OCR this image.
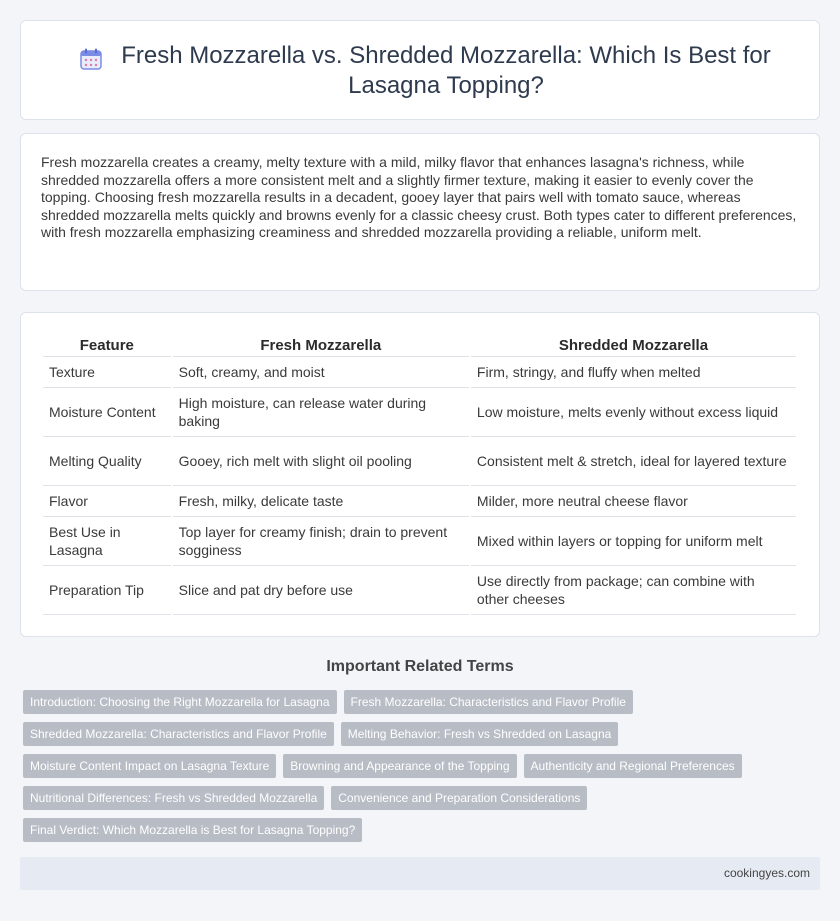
Fresh Mozzarella vs. Shredded Mozzarella: Which Is Best for Lasagna Topping?

Fresh mozzarella creates a creamy, melty texture with a mild, milky flavor that enhances lasagna's richness, while shredded mozzarella offers a more consistent melt and a slightly firmer texture, making it easier to evenly cover the topping. Choosing fresh mozzarella results in a decadent, gooey layer that pairs well with tomato sauce, whereas shredded mozzarella melts quickly and browns evenly for a classic cheesy crust. Both types cater to different preferences, with fresh mozzarella emphasizing creaminess and shredded mozzarella providing a reliable, uniform melt.

Feature	Fresh Mozzarella	Shredded Mozzarella
Texture	Soft, creamy, and moist	Firm, stringy, and fluffy when melted
Moisture Content	High moisture, can release water during baking	Low moisture, melts evenly without excess liquid
Melting Quality	Gooey, rich melt with slight oil pooling	Consistent melt & stretch, ideal for layered texture
Flavor	Fresh, milky, delicate taste	Milder, more neutral cheese flavor
Best Use in Lasagna	Top layer for creamy finish; drain to prevent sogginess	Mixed within layers or topping for uniform melt
Preparation Tip	Slice and pat dry before use	Use directly from package; can combine with other cheeses
Important Related Terms
Introduction: Choosing the Right Mozzarella for Lasagna	Fresh Mozzarella: Characteristics and Flavor Profile
Shredded Mozzarella: Characteristics and Flavor Profile	Melting Behavior: Fresh vs Shredded on Lasagna
Moisture Content Impact on Lasagna Texture	Browning and Appearance of the Topping	Authenticity and Regional Preferences
Nutritional Differences: Fresh vs Shredded Mozzarella	Convenience and Preparation Considerations
Final Verdict: Which Mozzarella is Best for Lasagna Topping?
cookingyes.com
